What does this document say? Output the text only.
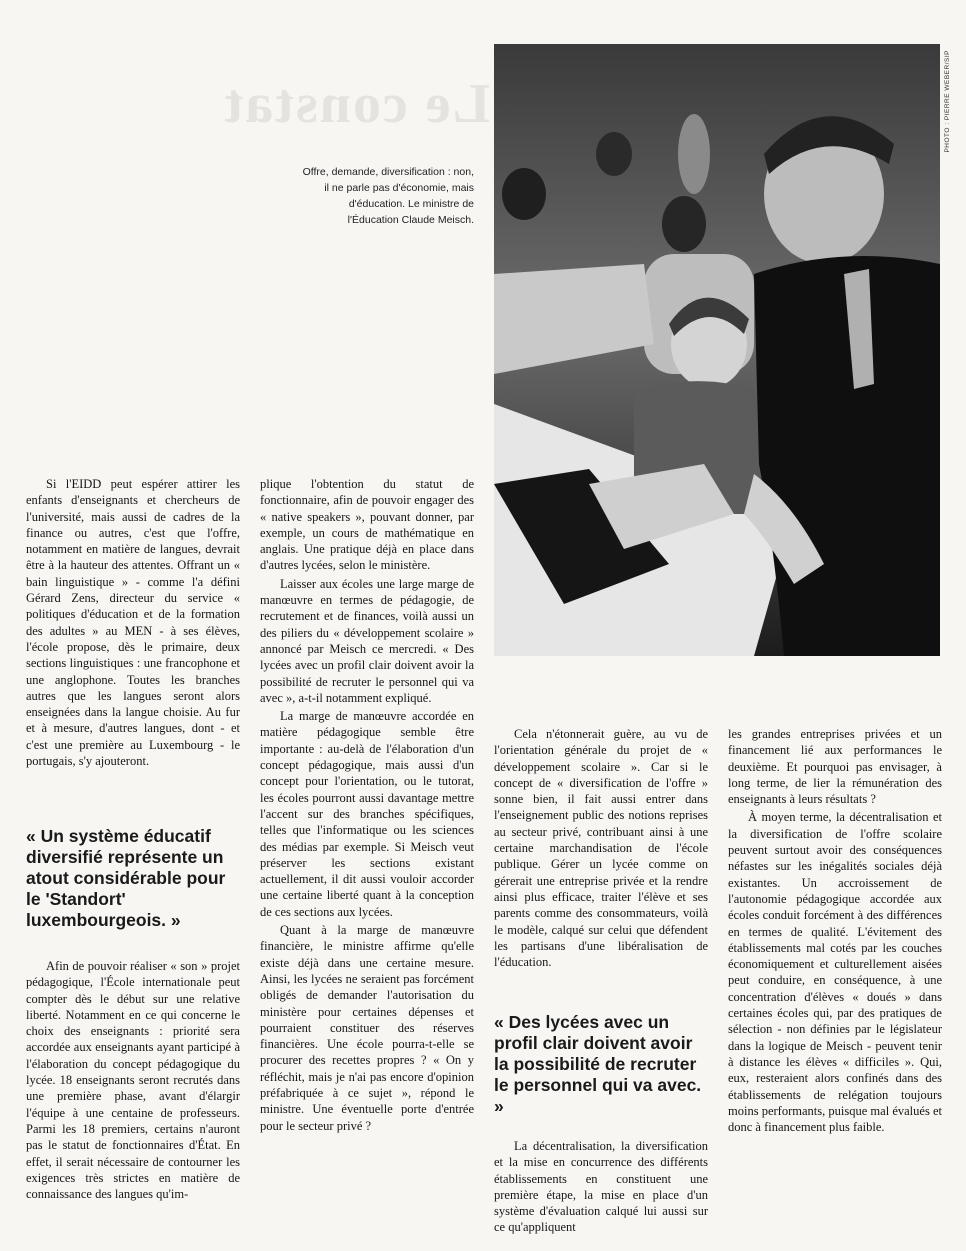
Le constat
Offre, demande, diversification : non, il ne parle pas d'économie, mais d'éducation. Le ministre de l'Éducation Claude Meisch.
PHOTO : PIERRE WEBER/SIP

Si l'EIDD peut espérer attirer les enfants d'enseignants et chercheurs de l'université, mais aussi de cadres de la finance ou autres, c'est que l'offre, notamment en matière de langues, devrait être à la hauteur des attentes. Offrant un « bain linguistique » - comme l'a défini Gérard Zens, directeur du service « politiques d'éducation et de la formation des adultes » au MEN - à ses élèves, l'école propose, dès le primaire, deux sections linguistiques : une francophone et une anglophone. Toutes les branches autres que les langues seront alors enseignées dans la langue choisie. Au fur et à mesure, d'autres langues, dont - et c'est une première au Luxembourg - le portugais, s'y ajouteront.

« Un système éducatif diversifié représente un atout considérable pour le 'Standort' luxembourgeois. »

Afin de pouvoir réaliser « son » projet pédagogique, l'École internationale peut compter dès le début sur une relative liberté. Notamment en ce qui concerne le choix des enseignants : priorité sera accordée aux enseignants ayant participé à l'élaboration du concept pédagogique du lycée. 18 enseignants seront recrutés dans une première phase, avant d'élargir l'équipe à une centaine de professeurs. Parmi les 18 premiers, certains n'auront pas le statut de fonctionnaires d'État. En effet, il serait nécessaire de contourner les exigences très strictes en matière de connaissance des langues qu'im-

plique l'obtention du statut de fonctionnaire, afin de pouvoir engager des « native speakers », pouvant donner, par exemple, un cours de mathématique en anglais. Une pratique déjà en place dans d'autres lycées, selon le ministère.

Laisser aux écoles une large marge de manœuvre en termes de pédagogie, de recrutement et de finances, voilà aussi un des piliers du « développement scolaire » annoncé par Meisch ce mercredi. « Des lycées avec un profil clair doivent avoir la possibilité de recruter le personnel qui va avec », a-t-il notamment expliqué.

La marge de manœuvre accordée en matière pédagogique semble être importante : au-delà de l'élaboration d'un concept pédagogique, mais aussi d'un concept pour l'orientation, ou le tutorat, les écoles pourront aussi davantage mettre l'accent sur des branches spécifiques, telles que l'informatique ou les sciences des médias par exemple. Si Meisch veut préserver les sections existant actuellement, il dit aussi vouloir accorder une certaine liberté quant à la conception de ces sections aux lycées.

Quant à la marge de manœuvre financière, le ministre affirme qu'elle existe déjà dans une certaine mesure. Ainsi, les lycées ne seraient pas forcément obligés de demander l'autorisation du ministère pour certaines dépenses et pourraient constituer des réserves financières. Une école pourra-t-elle se procurer des recettes propres ? « On y réfléchit, mais je n'ai pas encore d'opinion préfabriquée à ce sujet », répond le ministre. Une éventuelle porte d'entrée pour le secteur privé ?

Cela n'étonnerait guère, au vu de l'orientation générale du projet de « développement scolaire ». Car si le concept de « diversification de l'offre » sonne bien, il fait aussi entrer dans l'enseignement public des notions reprises au secteur privé, contribuant ainsi à une certaine marchandisation de l'école publique. Gérer un lycée comme on gérerait une entreprise privée et la rendre ainsi plus efficace, traiter l'élève et ses parents comme des consommateurs, voilà le modèle, calqué sur celui que défendent les partisans d'une libéralisation de l'éducation.

« Des lycées avec un profil clair doivent avoir la possibilité de recruter le personnel qui va avec. »

La décentralisation, la diversification et la mise en concurrence des différents établissements en constituent une première étape, la mise en place d'un système d'évaluation calqué lui aussi sur ce qu'appliquent

les grandes entreprises privées et un financement lié aux performances le deuxième. Et pourquoi pas envisager, à long terme, de lier la rémunération des enseignants à leurs résultats ?

À moyen terme, la décentralisation et la diversification de l'offre scolaire peuvent surtout avoir des conséquences néfastes sur les inégalités sociales déjà existantes. Un accroissement de l'autonomie pédagogique accordée aux écoles conduit forcément à des différences en termes de qualité. L'évitement des établissements mal cotés par les couches économiquement et culturellement aisées peut conduire, en conséquence, à une concentration d'élèves « doués » dans certaines écoles qui, par des pratiques de sélection - non définies par le législateur dans la logique de Meisch - peuvent tenir à distance les élèves « difficiles ». Qui, eux, resteraient alors confinés dans des établissements de relégation toujours moins performants, puisque mal évalués et donc à financement plus faible.
